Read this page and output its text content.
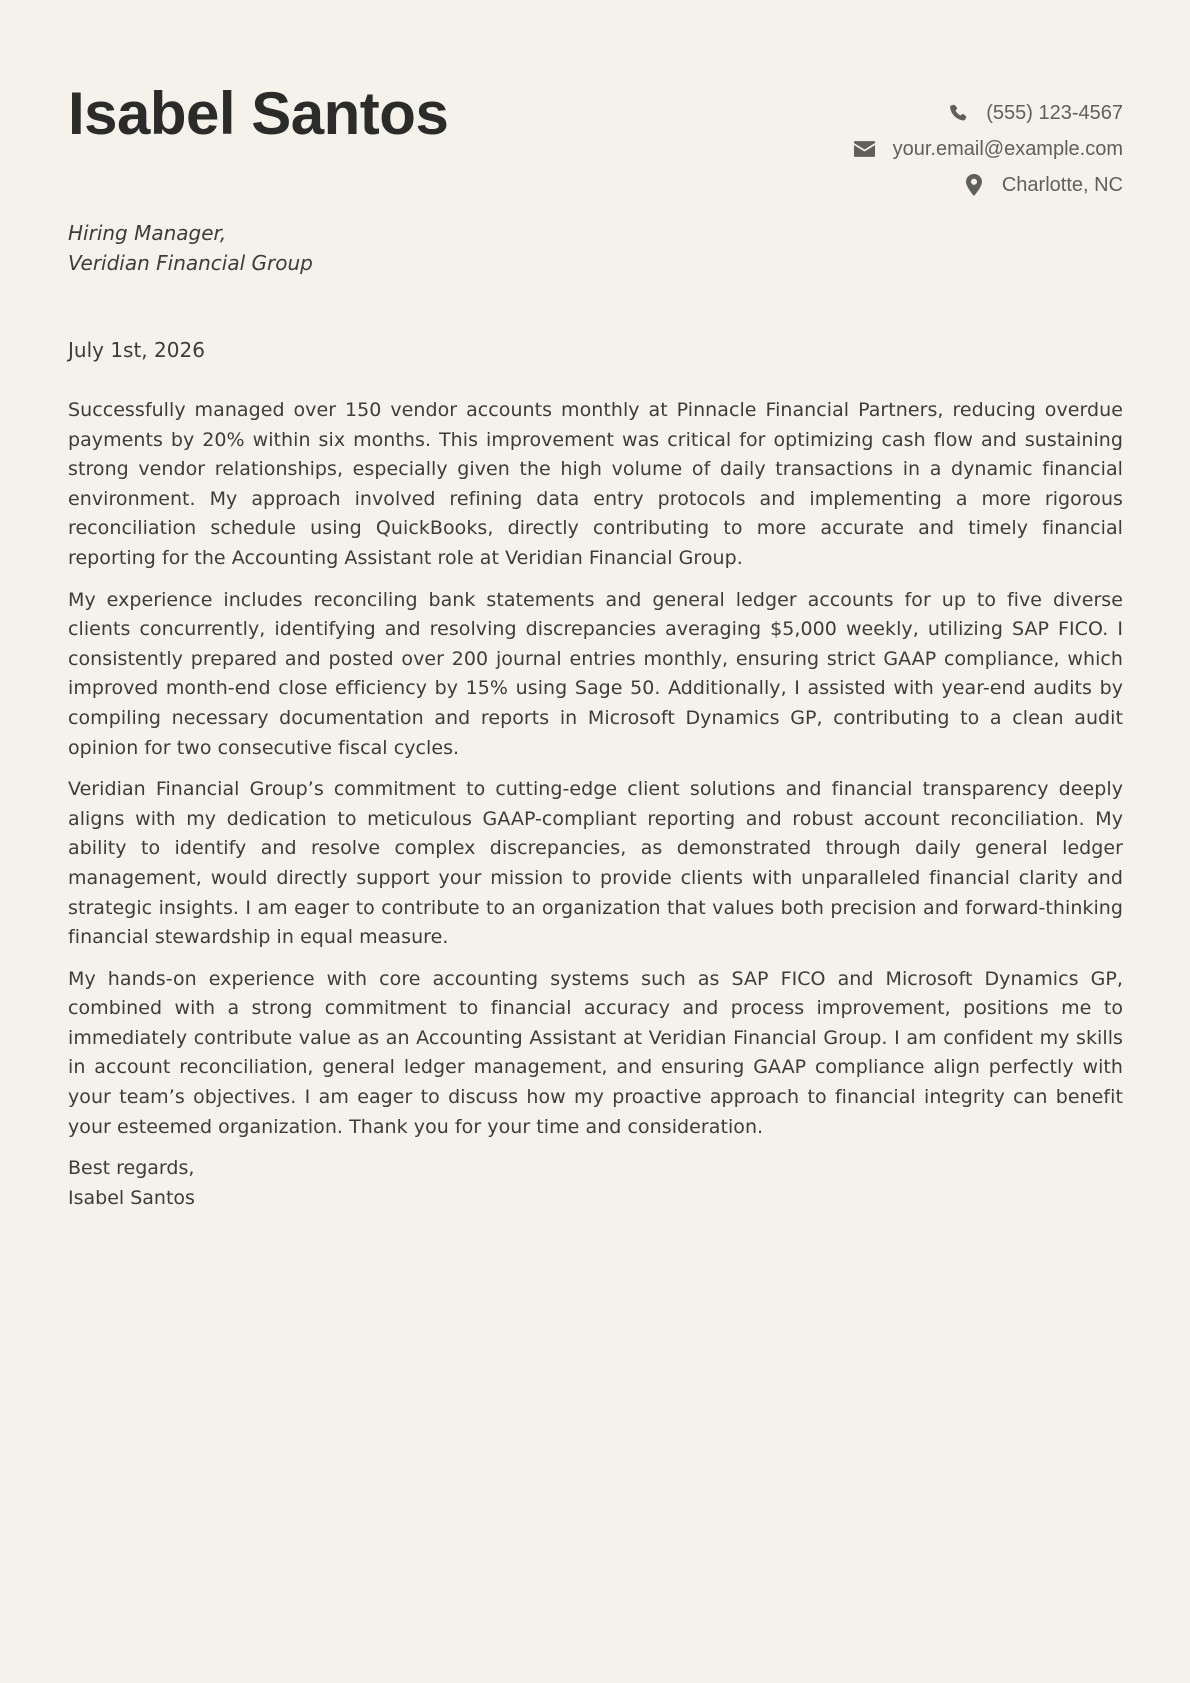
Isabel Santos	(555) 123-4567
your.email@example.com
Charlotte, NC
Hiring Manager,
Veridian Financial Group
July 1st, 2026

Successfully managed over 150 vendor accounts monthly at Pinnacle Financial Partners, reducing overdue payments by 20% within six months. This improvement was critical for optimizing cash flow and sustaining strong vendor relationships, especially given the high volume of daily transactions in a dynamic financial environment. My approach involved refining data entry protocols and implementing a more rigorous reconciliation schedule using QuickBooks, directly contributing to more accurate and timely financial reporting for the Accounting Assistant role at Veridian Financial Group.

My experience includes reconciling bank statements and general ledger accounts for up to five diverse clients concurrently, identifying and resolving discrepancies averaging $5,000 weekly, utilizing SAP FICO. I consistently prepared and posted over 200 journal entries monthly, ensuring strict GAAP compliance, which improved month-end close efficiency by 15% using Sage 50. Additionally, I assisted with year-end audits by compiling necessary documentation and reports in Microsoft Dynamics GP, contributing to a clean audit opinion for two consecutive fiscal cycles.

Veridian Financial Group’s commitment to cutting-edge client solutions and financial transparency deeply aligns with my dedication to meticulous GAAP-compliant reporting and robust account reconciliation. My ability to identify and resolve complex discrepancies, as demonstrated through daily general ledger management, would directly support your mission to provide clients with unparalleled financial clarity and strategic insights. I am eager to contribute to an organization that values both precision and forward-thinking financial stewardship in equal measure.

My hands-on experience with core accounting systems such as SAP FICO and Microsoft Dynamics GP, combined with a strong commitment to financial accuracy and process improvement, positions me to immediately contribute value as an Accounting Assistant at Veridian Financial Group. I am confident my skills in account reconciliation, general ledger management, and ensuring GAAP compliance align perfectly with your team’s objectives. I am eager to discuss how my proactive approach to financial integrity can benefit your esteemed organization. Thank you for your time and consideration.

Best regards,
Isabel Santos
